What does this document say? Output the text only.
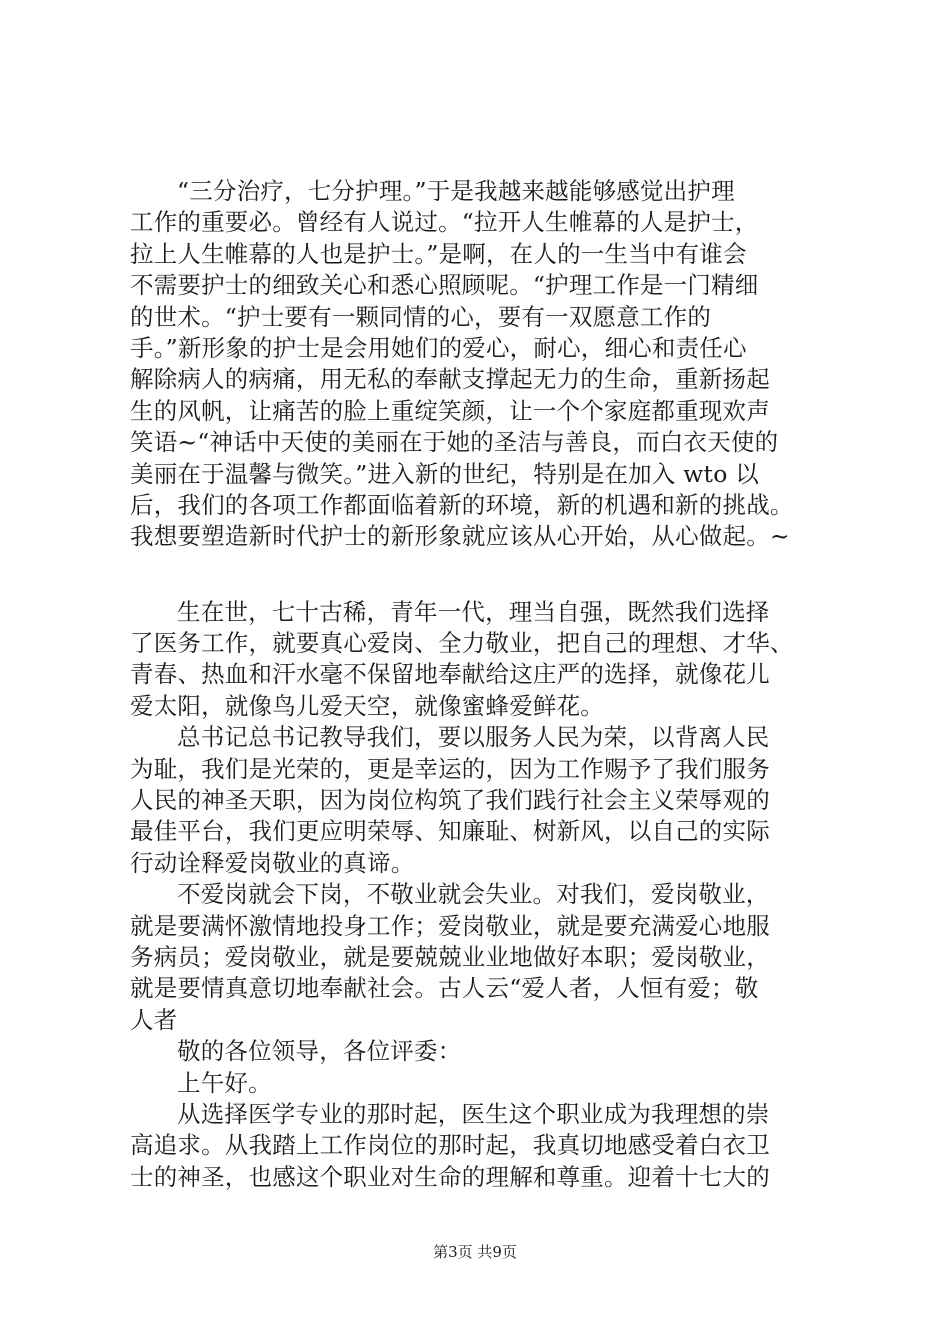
“三分治疗，七分护理。”于是我越来越能够感觉出护理
工作的重要必。曾经有人说过。“拉开人生帷幕的人是护士，
拉上人生帷幕的人也是护士。”是啊，在人的一生当中有谁会
不需要护士的细致关心和悉心照顾呢。“护理工作是一门精细
的世术。“护士要有一颗同情的心，要有一双愿意工作的
手。”新形象的护士是会用她们的爱心，耐心，细心和责任心
解除病人的病痛，用无私的奉献支撑起无力的生命，重新扬起
生的风帆，让痛苦的脸上重绽笑颜，让一个个家庭都重现欢声
笑语~“神话中天使的美丽在于她的圣洁与善良，而白衣天使的
美丽在于温馨与微笑。”进入新的世纪，特别是在加入 wto 以
后，我们的各项工作都面临着新的环境，新的机遇和新的挑战。
我想要塑造新时代护士的新形象就应该从心开始，从心做起。~
生在世，七十古稀，青年一代，理当自强，既然我们选择
了医务工作，就要真心爱岗、全力敬业，把自己的理想、才华、
青春、热血和汗水毫不保留地奉献给这庄严的选择，就像花儿
爱太阳，就像鸟儿爱天空，就像蜜蜂爱鲜花。
总书记总书记教导我们，要以服务人民为荣，以背离人民
为耻，我们是光荣的，更是幸运的，因为工作赐予了我们服务
人民的神圣天职，因为岗位构筑了我们践行社会主义荣辱观的
最佳平台，我们更应明荣辱、知廉耻、树新风，以自己的实际
行动诠释爱岗敬业的真谛。
不爱岗就会下岗，不敬业就会失业。对我们，爱岗敬业，
就是要满怀激情地投身工作；爱岗敬业，就是要充满爱心地服
务病员；爱岗敬业，就是要兢兢业业地做好本职；爱岗敬业，
就是要情真意切地奉献社会。古人云“爱人者，人恒有爱；敬
人者
敬的各位领导，各位评委：
上午好。
从选择医学专业的那时起，医生这个职业成为我理想的崇
高追求。从我踏上工作岗位的那时起，我真切地感受着白衣卫
士的神圣，也感这个职业对生命的理解和尊重。迎着十七大的
第3页 共9页
